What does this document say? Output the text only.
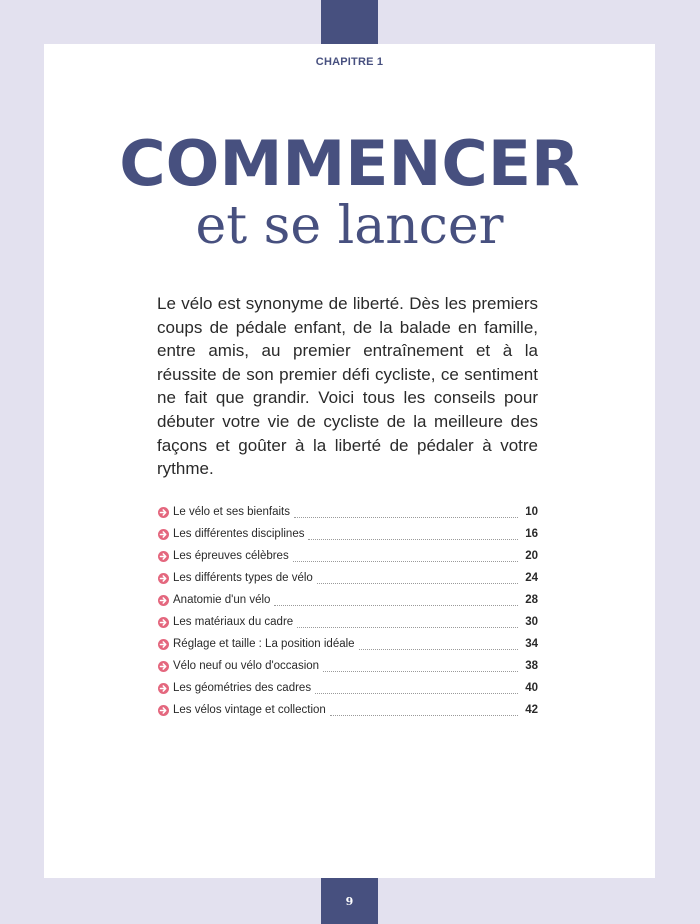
CHAPITRE 1
COMMENCER
et se lancer
Le vélo est synonyme de liberté. Dès les premiers coups de pédale enfant, de la balade en famille, entre amis, au premier entraînement et à la réussite de son premier défi cycliste, ce sentiment ne fait que grandir. Voici tous les conseils pour débuter votre vie de cycliste de la meilleure des façons et goûter à la liberté de pédaler à votre rythme.
Le vélo et ses bienfaits	10
Les différentes disciplines	16
Les épreuves célèbres	20
Les différents types de vélo	24
Anatomie d'un vélo	28
Les matériaux du cadre	30
Réglage et taille : La position idéale	34
Vélo neuf ou vélo d'occasion	38
Les géométries des cadres	40
Les vélos vintage et collection	42
9
